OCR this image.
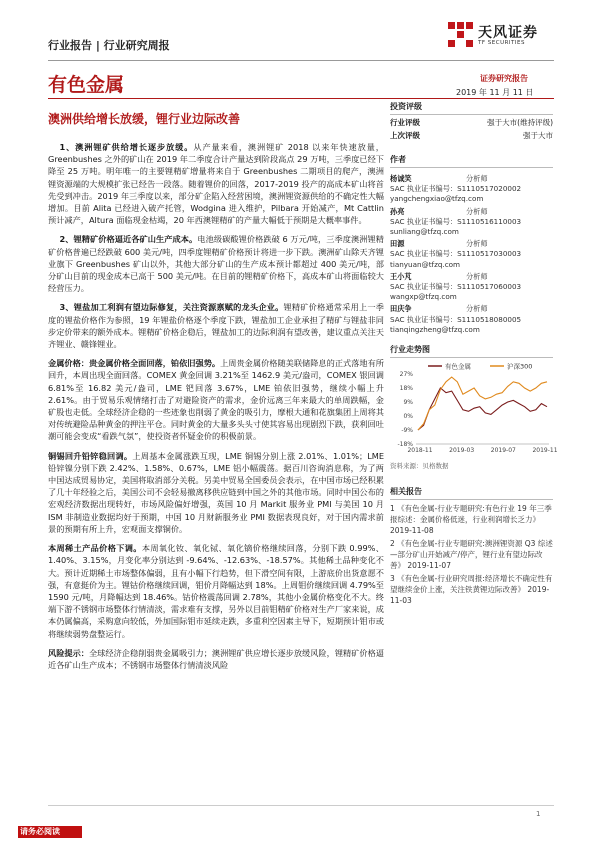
行业报告 | 行业研究周报
天风证券
TF SECURITIES
有色金属	证券研究报告
2019 年 11 月 11 日
澳洲供给增长放缓，锂行业边际改善

1、澳洲锂矿供给增长逐步放缓。从产量来看，澳洲锂矿 2018 以来年快速放量，Greenbushes 之外的矿山在 2019 年二季度合计产量达到阶段高点 29 万吨，三季度已经下降至 25 万吨。明年唯一的主要锂精矿增量将来自于 Greenbushes 二期项目的爬产，澳洲锂资源端的大规模扩张已经告一段落。随着锂价的回落，2017-2019 投产的高成本矿山将首先受到冲击。2019 年三季度以来，部分矿企陷入经营困境，澳洲锂资源供给的不确定性大幅增加。目前 Alita 已经进入破产托管，Wodgina 进入维护，Pilbara 开始减产，Mt Cattlin 预计减产，Altura 面临现金枯竭，20 年西澳锂精矿的产量大幅低于预期是大概率事件。

2、锂精矿价格逼近各矿山生产成本。电池级碳酸锂价格跌破 6 万元/吨，三季度澳洲锂精矿价格普遍已经跌破 600 美元/吨，四季度锂精矿价格预计将进一步下跌。澳洲矿山除天齐锂业旗下 Greenbushes 矿山以外，其他大部分矿山的生产成本预计都超过 400 美元/吨，部分矿山目前的现金成本已高于 500 美元/吨。在目前的锂精矿价格下，高成本矿山将面临较大经营压力。

3、锂盐加工利润有望边际修复，关注资源禀赋的龙头企业。锂精矿价格通常采用上一季度的锂盐价格作为参照，19 年锂盐价格逐个季度下跌，锂盐加工企业承担了精矿与锂盐非同步定价带来的额外成本。锂精矿价格企稳后，锂盐加工的边际利润有望改善，建议重点关注天齐锂业、赣锋锂业。

金属价格：贵金属价格全面回落，铂依旧强势。上周贵金属价格随美联储降息的正式落地有所回升，本周出现全面回落。COMEX 黄金回调 3.21%至 1462.9 美元/盎司，COMEX 银回调 6.81%至 16.82 美元/盎司，LME 钯回落 3.67%，LME 铂依旧强势，继续小幅上升 2.61%。由于贸易乐观情绪打击了对避险资产的需求，金价远离三年来最大的单周跌幅，金矿股也走低。全球经济企稳的一些迹象也削弱了黄金的吸引力，摩根大通和花旗集团上周将其对传统避险品种黄金的押注平仓。同时黄金的大量多头头寸使其容易出现剧烈下跌，获利回吐潮可能会变成“看跌气氛”，使投资者怀疑金价的积极前景。

铜锡回升铅锌稳回调。上周基本金属涨跌互现，LME 铜锡分别上涨 2.01%、1.01%；LME 铅锌镍分别下跌 2.42%、1.58%、0.67%，LME 铝小幅震荡。据百川咨询消息称，为了两中国达成贸易协定，美国将取消部分关税。另美中贸易全国委员会表示，在中国市场已经积累了几十年经验之后，美国公司不会轻易撤离移供应链到中国之外的其他市场。同时中国公布的宏观经济数据出现转好，市场风险偏好增强，英国 10 月 Markit 服务业 PMI 与美国 10 月 ISM 非制造业数据均好于预期，中国 10 月财新服务业 PMI 数据表现良好，对于国内需求前景的预期有所上升，宏观面支撑铜价。

本周稀土产品价格下调。本周氧化钕、氧化铽、氧化镝价格继续回落，分别下跌 0.99%、1.40%、3.15%，月变化率分别达到 -9.64%、-12.63%、-18.57%。其他稀土品种变化不大。预计近期稀土市场整体偏弱，且有小幅下行趋势，但下滑空间有限，上游底价出货意愿不强，有意挺价为主。锂钴价格继续回调，钼价月降幅达到 18%。上周钼价继续回调 4.79%至 1590 元/吨，月降幅达到 18.46%。钴价格震荡回调 2.78%，其他小金属价格变化不大。终端下游不锈钢市场整体行情清淡，需求难有支撑，另外以目前钼精矿价格对生产厂家来说，成本仍属偏高，采购意向较低，外加国际钼市延续走跌，多重利空因素主导下，短期预计钼市或将继续弱势盘整运行。

风险提示：全球经济企稳削弱贵金属吸引力；澳洲锂矿供应增长逐步放缓风险，锂精矿价格逼近各矿山生产成本；不锈钢市场整体行情清淡风险

投资评级
行业评级	强于大市(维持评级)
上次评级	强于大市
作者
杨诚笑	分析师
SAC 执业证书编号：S1110517020002
yangchengxiao@tfzq.com
孙亮	分析师
SAC 执业证书编号：S1110516110003
sunliang@tfzq.com
田源	分析师
SAC 执业证书编号：S1110517030003
tianyuan@tfzq.com
王小芃	分析师
SAC 执业证书编号：S1110517060003
wangxp@tfzq.com
田庆争	分析师
SAC 执业证书编号：S1110518080005
tianqingzheng@tfzq.com
行业走势图
有色金属	沪深300
27%
18%
9%
0%
-9%
-18%
2018-11	2019-03	2019-07	2019-11
资料来源：贝格数据
相关报告
1 《有色金属-行业专题研究:有色行业 19 年三季报综述：金属价格低迷，行业利润增长乏力》 2019-11-08
2 《有色金属-行业专题研究:澳洲锂资源 Q3 综述—部分矿山开始减产/停产，锂行业有望边际改善》 2019-11-07
3 《有色金属-行业研究周报:经济增长不确定性有望继续金价上涨，关注铁黄锂边际改善》 2019-11-03
1
请务必阅读
